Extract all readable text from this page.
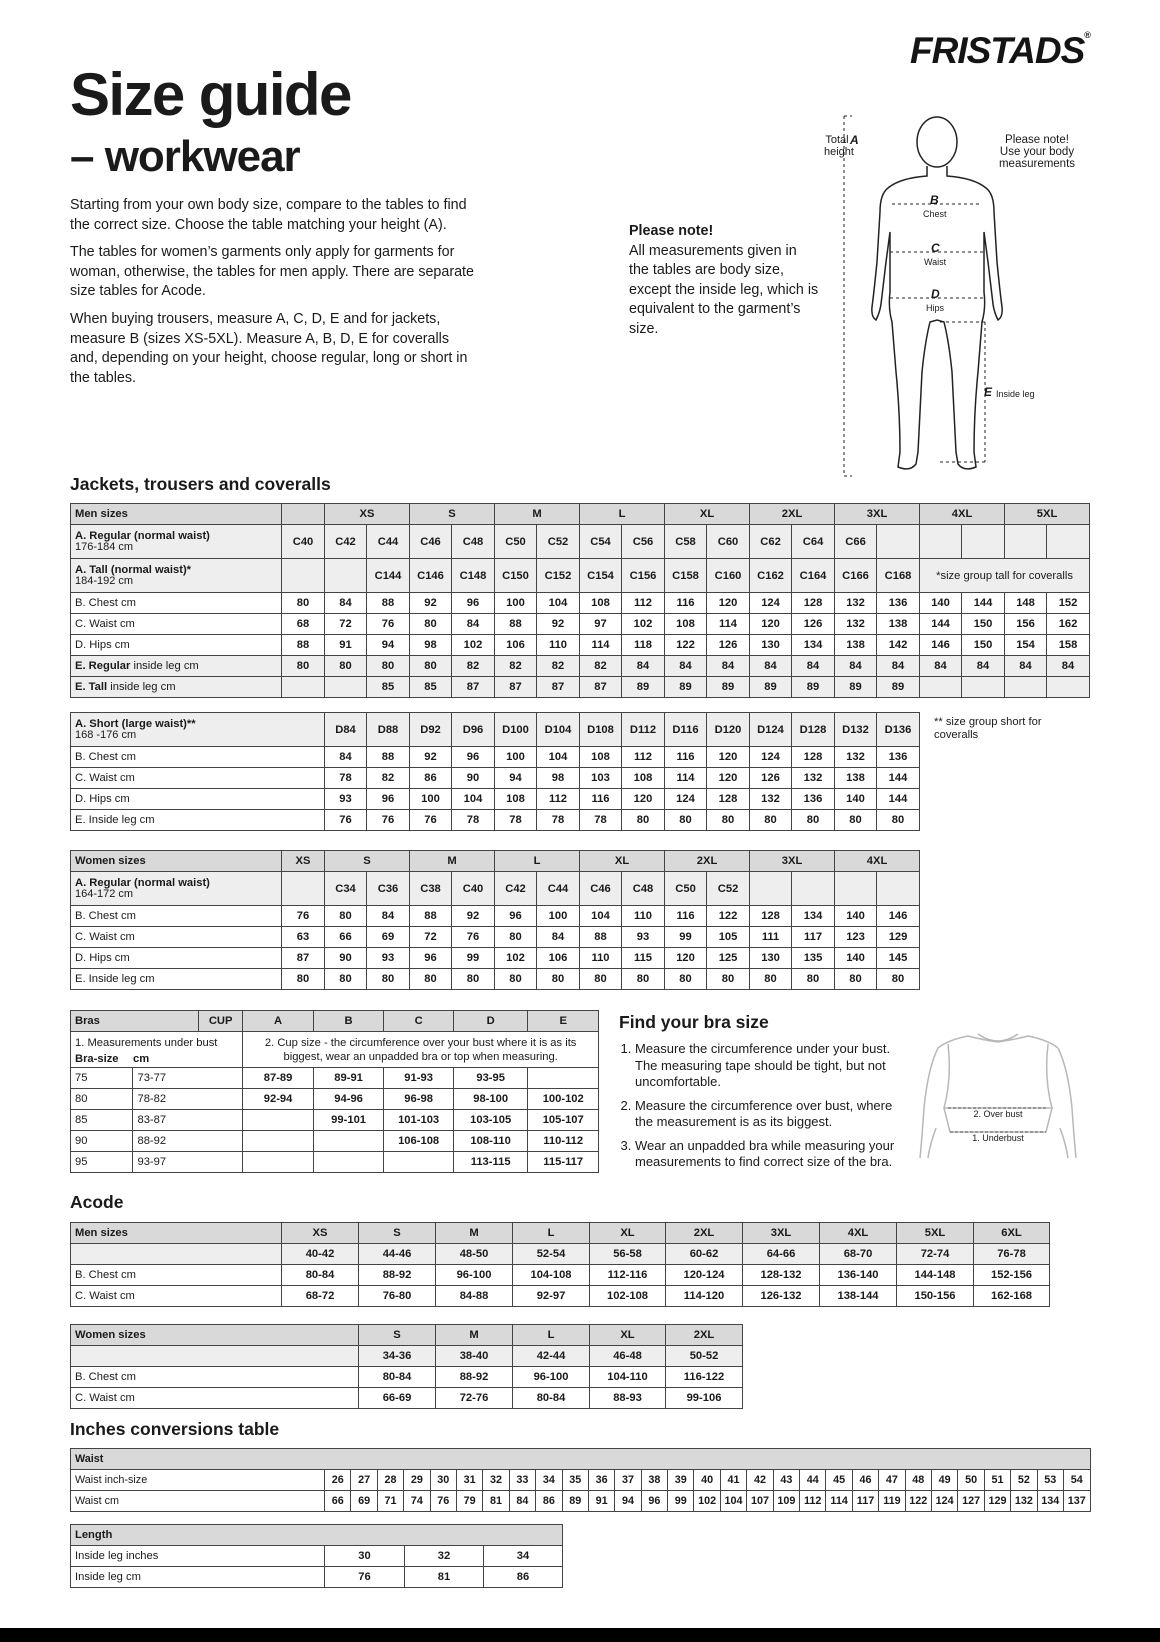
FRISTADS®
Size guide
– workwear

Starting from your own body size, compare to the tables to find the correct size. Choose the table matching your height (A).

The tables for women’s garments only apply for garments for woman, otherwise, the tables for men apply. There are separate size tables for Acode.

When buying trousers, measure A, C, D, E and for jackets, measure B (sizes XS-5XL). Measure A, B, D, E for coveralls and, depending on your height, choose regular, long or short in the tables.

Please note!
All measurements given in the tables are body size, except the inside leg, which is equivalent to the garment’s size.
Total height
A
B
Chest
C
Waist
D
Hips
E Inside leg
Please note! Use your body measurements
Jackets, trousers and coveralls
Men sizes		XS		S		M		L		XL		2XL		3XL		4XL		5XL	
A. Regular (normal waist)
176-184 cm	C40	C42	C44	C46	C48	C50	C52	C54	C56	C58	C60	C62	C64	C66					
A. Tall (normal waist)*
184-192 cm			C144	C146	C148	C150	C152	C154	C156	C158	C160	C162	C164	C166	C168	*size group tall for coveralls			
B. Chest cm	80	84	88	92	96	100	104	108	112	116	120	124	128	132	136	140	144	148	152
C. Waist cm	68	72	76	80	84	88	92	97	102	108	114	120	126	132	138	144	150	156	162
D. Hips cm	88	91	94	98	102	106	110	114	118	122	126	130	134	138	142	146	150	154	158
E. Regular inside leg cm	80	80	80	80	82	82	82	82	84	84	84	84	84	84	84	84	84	84	84
E. Tall inside leg cm			85	85	87	87	87	87	89	89	89	89	89	89	89				
A. Short (large waist)**
168 -176 cm	D84	D88	D92	D96	D100	D104	D108	D112	D116	D120	D124	D128	D132	D136
B. Chest cm	84	88	92	96	100	104	108	112	116	120	124	128	132	136
C. Waist cm	78	82	86	90	94	98	103	108	114	120	126	132	138	144
D. Hips cm	93	96	100	104	108	112	116	120	124	128	132	136	140	144
E. Inside leg cm	76	76	76	78	78	78	78	80	80	80	80	80	80	80
** size group short for coveralls
Women sizes	XS	S		M		L		XL		2XL		3XL		4XL	
A. Regular (normal waist)
164-172 cm		C34	C36	C38	C40	C42	C44	C46	C48	C50	C52				
B. Chest cm	76	80	84	88	92	96	100	104	110	116	122	128	134	140	146
C. Waist cm	63	66	69	72	76	80	84	88	93	99	105	111	117	123	129
D. Hips cm	87	90	93	96	99	102	106	110	115	120	125	130	135	140	145
E. Inside leg cm	80	80	80	80	80	80	80	80	80	80	80	80	80	80	80
Bras		CUP	A	B	C	D	E
1. Measurements under bust
Bra-size cm			2. Cup size - the circumference over your bust where it is as its biggest, wear an unpadded bra or top when measuring.				
75	73-77		87-89	89-91	91-93	93-95	
80	78-82		92-94	94-96	96-98	98-100	100-102
85	83-87			99-101	101-103	103-105	105-107
90	88-92				106-108	108-110	110-112
95	93-97					113-115	115-117
Find your bra size
1. Measure the circumference under your bust. The measuring tape should be tight, but not uncomfortable.
2. Measure the circumference over bust, where the measurement is as its biggest.
3. Wear an unpadded bra while measuring your measurements to find correct size of the bra.
2. Over bust
1. Underbust
Acode
Men sizes	XS	S	M	L	XL	2XL	3XL	4XL	5XL	6XL
	40-42	44-46	48-50	52-54	56-58	60-62	64-66	68-70	72-74	76-78
B. Chest cm	80-84	88-92	96-100	104-108	112-116	120-124	128-132	136-140	144-148	152-156
C. Waist cm	68-72	76-80	84-88	92-97	102-108	114-120	126-132	138-144	150-156	162-168
Women sizes	S	M	L	XL	2XL
	34-36	38-40	42-44	46-48	50-52
B. Chest cm	80-84	88-92	96-100	104-110	116-122
C. Waist cm	66-69	72-76	80-84	88-93	99-106
Inches conversions table
Waist																													
Waist inch-size	26	27	28	29	30	31	32	33	34	35	36	37	38	39	40	41	42	43	44	45	46	47	48	49	50	51	52	53	54
Waist cm	66	69	71	74	76	79	81	84	86	89	91	94	96	99	102	104	107	109	112	114	117	119	122	124	127	129	132	134	137
Length			
Inside leg inches	30	32	34
Inside leg cm	76	81	86
